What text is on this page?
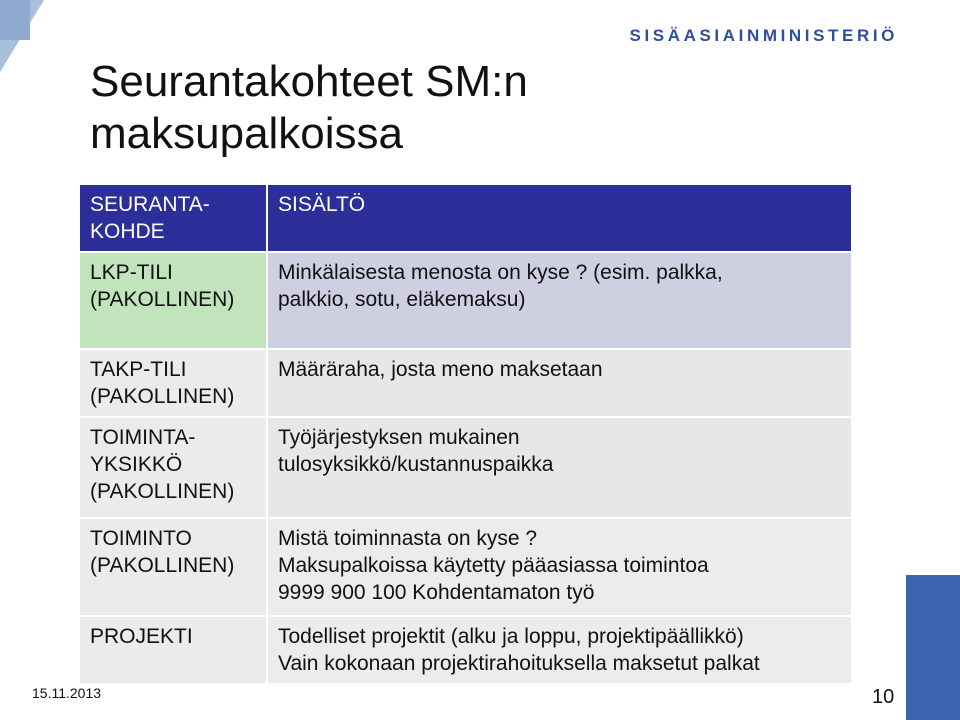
SISÄASIAINMINISTERIÖ
Seurantakohteet SM:n
maksupalkoissa
SEURANTA-
KOHDE
SISÄLTÖ
LKP-TILI
(PAKOLLINEN)
Minkälaisesta menosta on kyse ? (esim. palkka,
palkkio, sotu, eläkemaksu)
TAKP-TILI
(PAKOLLINEN)
Määräraha, josta meno maksetaan
TOIMINTA-
YKSIKKÖ
(PAKOLLINEN)
Työjärjestyksen mukainen
tulosyksikkö/kustannuspaikka
TOIMINTO
(PAKOLLINEN)
Mistä toiminnasta on kyse ?
Maksupalkoissa käytetty pääasiassa toimintoa
9999 900 100 Kohdentamaton työ
PROJEKTI	Todelliset projektit (alku ja loppu, projektipäällikkö)
Vain kokonaan projektirahoituksella maksetut palkat
15.11.2013	10
